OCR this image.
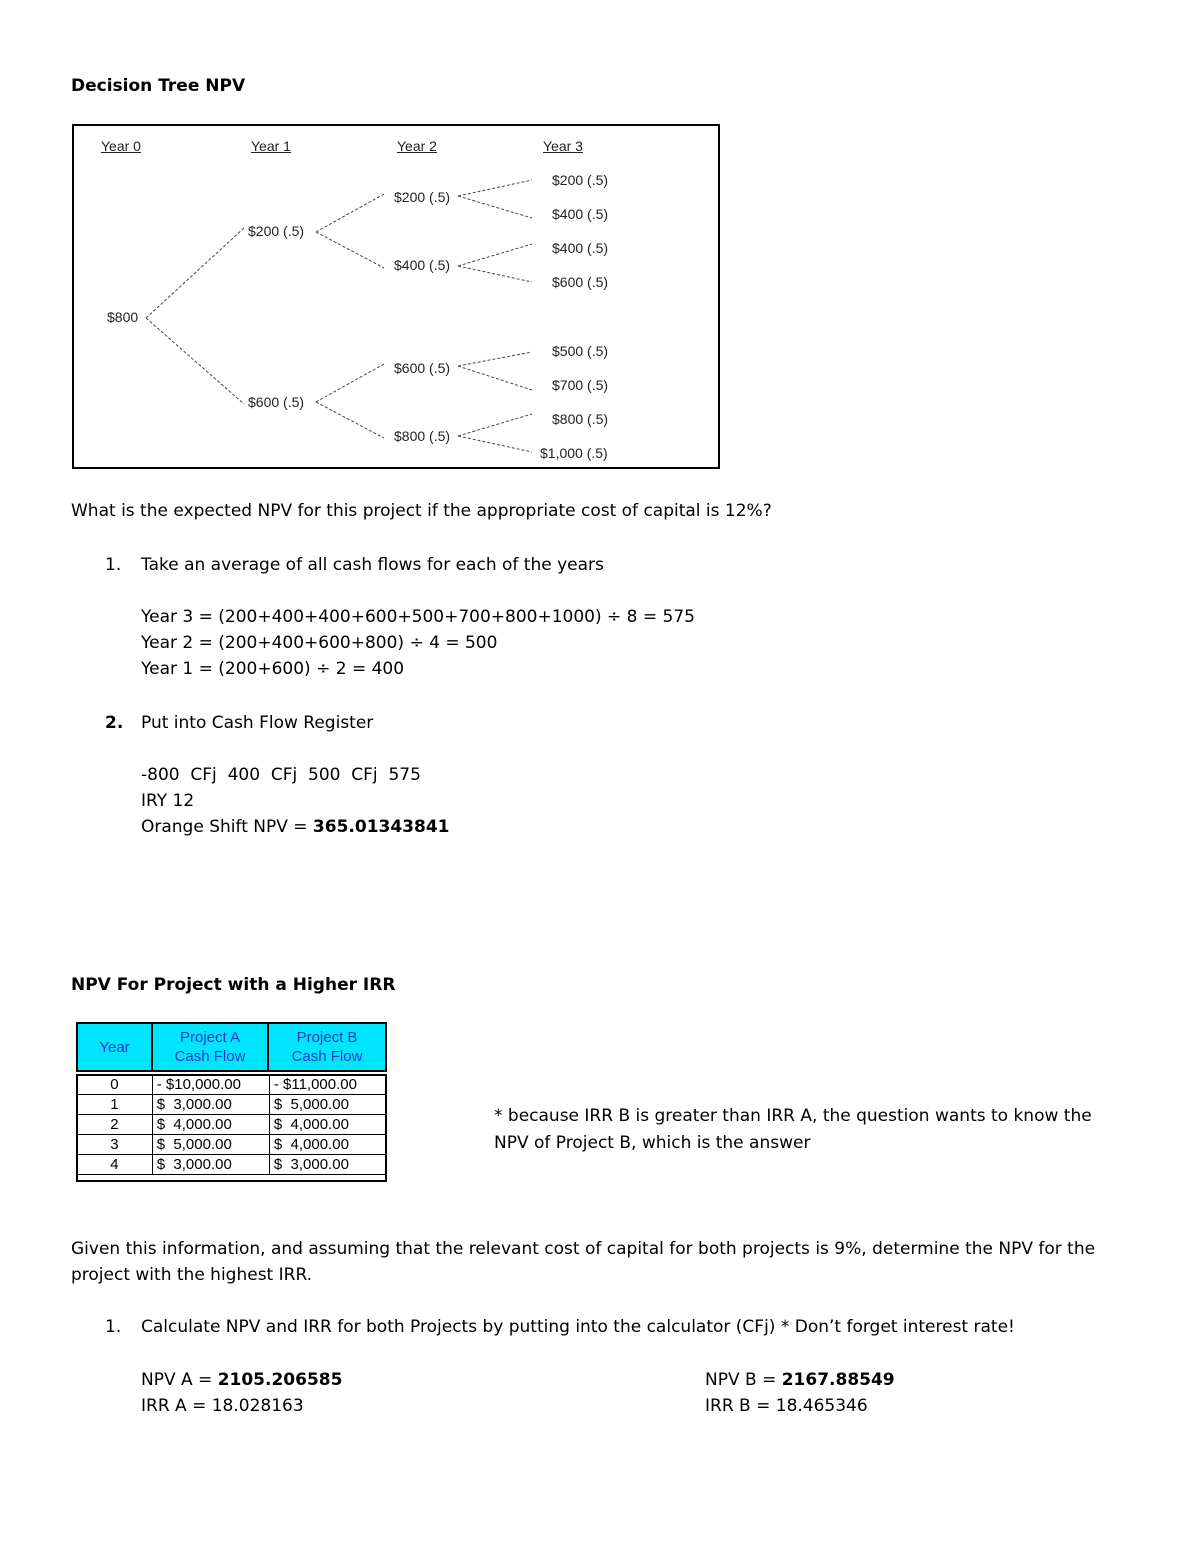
Decision Tree NPV
Year 0	Year 1	Year 2	Year 3
$800
$200 (.5)
$600 (.5)
$200 (.5)
$400 (.5)
$600 (.5)
$800 (.5)
$200 (.5)
$400 (.5)
$400 (.5)
$600 (.5)
$500 (.5)
$700 (.5)
$800 (.5)
$1,000 (.5)
What is the expected NPV for this project if the appropriate cost of capital is 12%?
1. Take an average of all cash flows for each of the years
Year 3 = (200+400+400+600+500+700+800+1000) ÷ 8 = 575
Year 2 = (200+400+600+800) ÷ 4 = 500
Year 1 = (200+600) ÷ 2 = 400
2. Put into Cash Flow Register
-800  CFj  400  CFj  500  CFj  575
IRY 12
Orange Shift NPV = 365.01343841
NPV For Project with a Higher IRR
Year
Project A
Cash Flow
Project B
Cash Flow
0	- $10,000.00	- $11,000.00
1	$  3,000.00	$  5,000.00
2	$  4,000.00	$  4,000.00
3	$  5,000.00	$  4,000.00
4	$  3,000.00	$  3,000.00
* because IRR B is greater than IRR A, the question wants to know the
NPV of Project B, which is the answer
Given this information, and assuming that the relevant cost of capital for both projects is 9%, determine the NPV for the
project with the highest IRR.
1. Calculate NPV and IRR for both Projects by putting into the calculator (CFj) * Don’t forget interest rate!
NPV A = 2105.206585
IRR A = 18.028163
NPV B = 2167.88549
IRR B = 18.465346
